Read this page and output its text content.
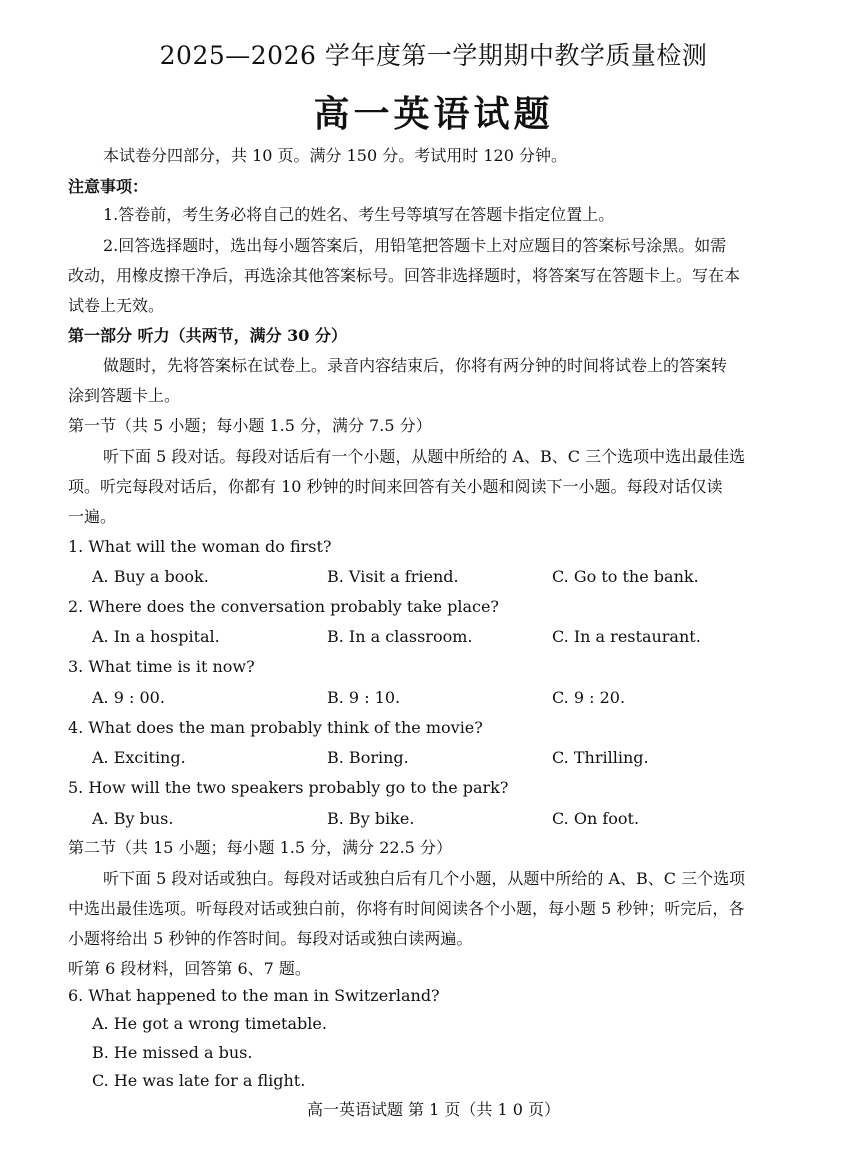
2025—2026 学年度第一学期期中教学质量检测
高一英语试题
本试卷分四部分，共 10 页。满分 150 分。考试用时 120 分钟。
注意事项：
1.答卷前，考生务必将自己的姓名、考生号等填写在答题卡指定位置上。
2.回答选择题时，选出每小题答案后，用铅笔把答题卡上对应题目的答案标号涂黑。如需
改动，用橡皮擦干净后，再选涂其他答案标号。回答非选择题时，将答案写在答题卡上。写在本
试卷上无效。
第一部分 听力（共两节，满分 30 分）
做题时，先将答案标在试卷上。录音内容结束后，你将有两分钟的时间将试卷上的答案转
涂到答题卡上。
第一节（共 5 小题；每小题 1.5 分，满分 7.5 分）
听下面 5 段对话。每段对话后有一个小题，从题中所给的 A、B、C 三个选项中选出最佳选
项。听完每段对话后，你都有 10 秒钟的时间来回答有关小题和阅读下一小题。每段对话仅读
一遍。
1. What will the woman do first?
A. Buy a book.	B. Visit a friend.	C. Go to the bank.
2. Where does the conversation probably take place?
A. In a hospital.	B. In a classroom.	C. In a restaurant.
3. What time is it now?
A. 9 : 00.	B. 9 : 10.	C. 9 : 20.
4. What does the man probably think of the movie?
A. Exciting.	B. Boring.	C. Thrilling.
5. How will the two speakers probably go to the park?
A. By bus.	B. By bike.	C. On foot.
第二节（共 15 小题；每小题 1.5 分，满分 22.5 分）
听下面 5 段对话或独白。每段对话或独白后有几个小题，从题中所给的 A、B、C 三个选项
中选出最佳选项。听每段对话或独白前，你将有时间阅读各个小题，每小题 5 秒钟；听完后，各
小题将给出 5 秒钟的作答时间。每段对话或独白读两遍。
听第 6 段材料，回答第 6、7 题。
6. What happened to the man in Switzerland?
A. He got a wrong timetable.
B. He missed a bus.
C. He was late for a flight.
高一英语试题 第 1 页（共 1 0 页）
